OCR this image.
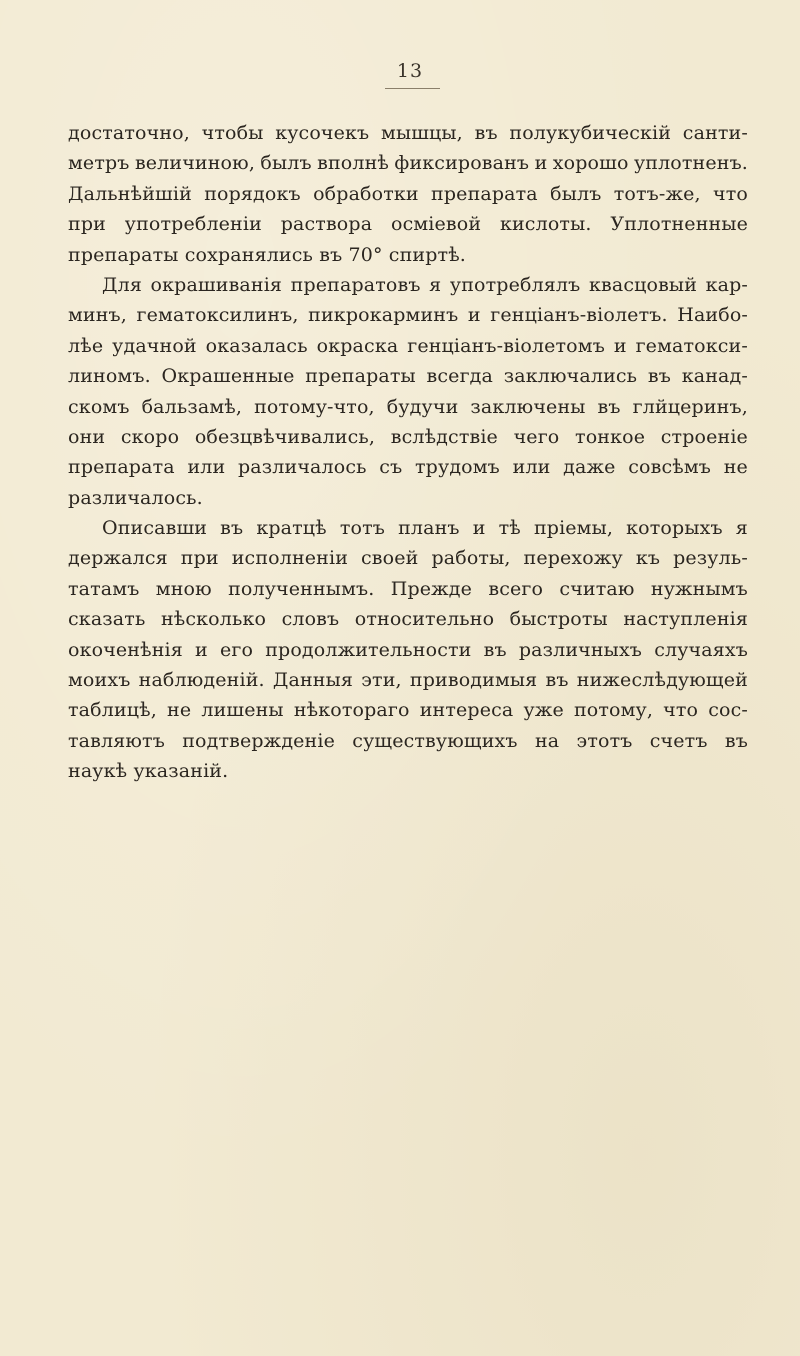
13
достаточно, чтобы кусочекъ мышцы, въ полукубическій санти-
метръ величиною, былъ вполнѣ фиксированъ и хорошо уплотненъ.
Дальнѣйшій порядокъ обработки препарата былъ тотъ-же, что
при употребленіи раствора осміевой кислоты. Уплотненные
препараты сохранялись въ 70° спиртѣ.
Для окрашиванія препаратовъ я употреблялъ квасцовый кар-
минъ, гематоксилинъ, пикрокарминъ и генціанъ-віолетъ. Наибо-
лѣе удачной оказалась окраска генціанъ-віолетомъ и гематокси-
линомъ. Окрашенные препараты всегда заключались въ канад-
скомъ бальзамѣ, потому-что, будучи заключены въ глйцеринъ,
они скоро обезцвѣчивались, вслѣдствіе чего тонкое строеніе
препарата или различалось съ трудомъ или даже совсѣмъ не
различалось.
Описавши въ кратцѣ тотъ планъ и тѣ пріемы, которыхъ я
держался при исполненіи своей работы, перехожу къ резуль-
татамъ мною полученнымъ. Прежде всего считаю нужнымъ
сказать нѣсколько словъ относительно быстроты наступленія
окоченѣнія и его продолжительности въ различныхъ случаяхъ
моихъ наблюденій. Данныя эти, приводимыя въ нижеслѣдующей
таблицѣ, не лишены нѣкотораго интереса уже потому, что сос-
тавляютъ подтвержденіе существующихъ на этотъ счетъ въ
наукѣ указаній.
